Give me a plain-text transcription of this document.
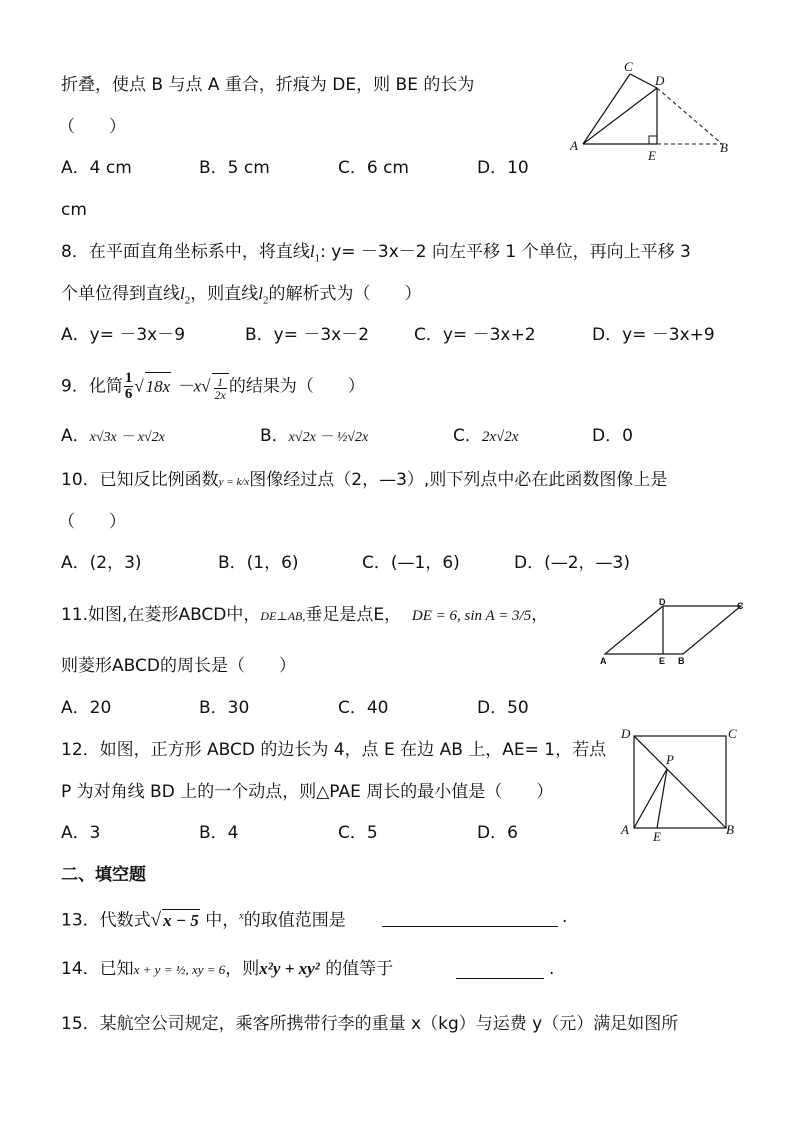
折叠，使点 B 与点 A 重合，折痕为 DE，则 BE 的长为
（　　）
A．4 cm	B．5 cm	C．6 cm	D．10
cm
C
D
A
E
B
8．在平面直角坐标系中，将直线$l_1$: y= －3x－2 向左平移 1 个单位，再向上平移 3
个单位得到直线$l_2$，则直线$l_2$的解析式为（　　）
A．y= －3x－9	B．y= －3x－2	C．y= －3x+2	D．y= －3x+9
9．化简 $\frac{1}{6}$ √ $18x -x√ \frac{1}{2x}$ 的结果为（　　）
A．x√3x － x√2x	B．x√2x － ½√2x	C．2x√2x	D．0
10．已知反比例函数y = k/x图像经过点（2，—3）,则下列点中必在此函数图像上是
（　　）
A．(2，3)	B．(1，6)	C．(—1，6)	D．(—2，—3)
11.如图,在菱形ABCD中，DE⊥AB,垂足是点E， DE = 6, sin A = 3/5，
则菱形ABCD的周长是（　　）
A．20	B．30	C．40	D．50
D	C
A	E B
12．如图，正方形 ABCD 的边长为 4，点 E 在边 AB 上，AE= 1，若点
P 为对角线 BD 上的一个动点，则△PAE 周长的最小值是（　　）
A．3	B．4	C．5	D．6
D	C
P
A E	B
二、填空题
13．代数式√ x − 5 中，$^x$的取值范围是	.
14．已知x + y = ½, xy = 6，则x²y + xy² 的值等于	.
15．某航空公司规定，乘客所携带行李的重量 x（kg）与运费 y（元）满足如图所
